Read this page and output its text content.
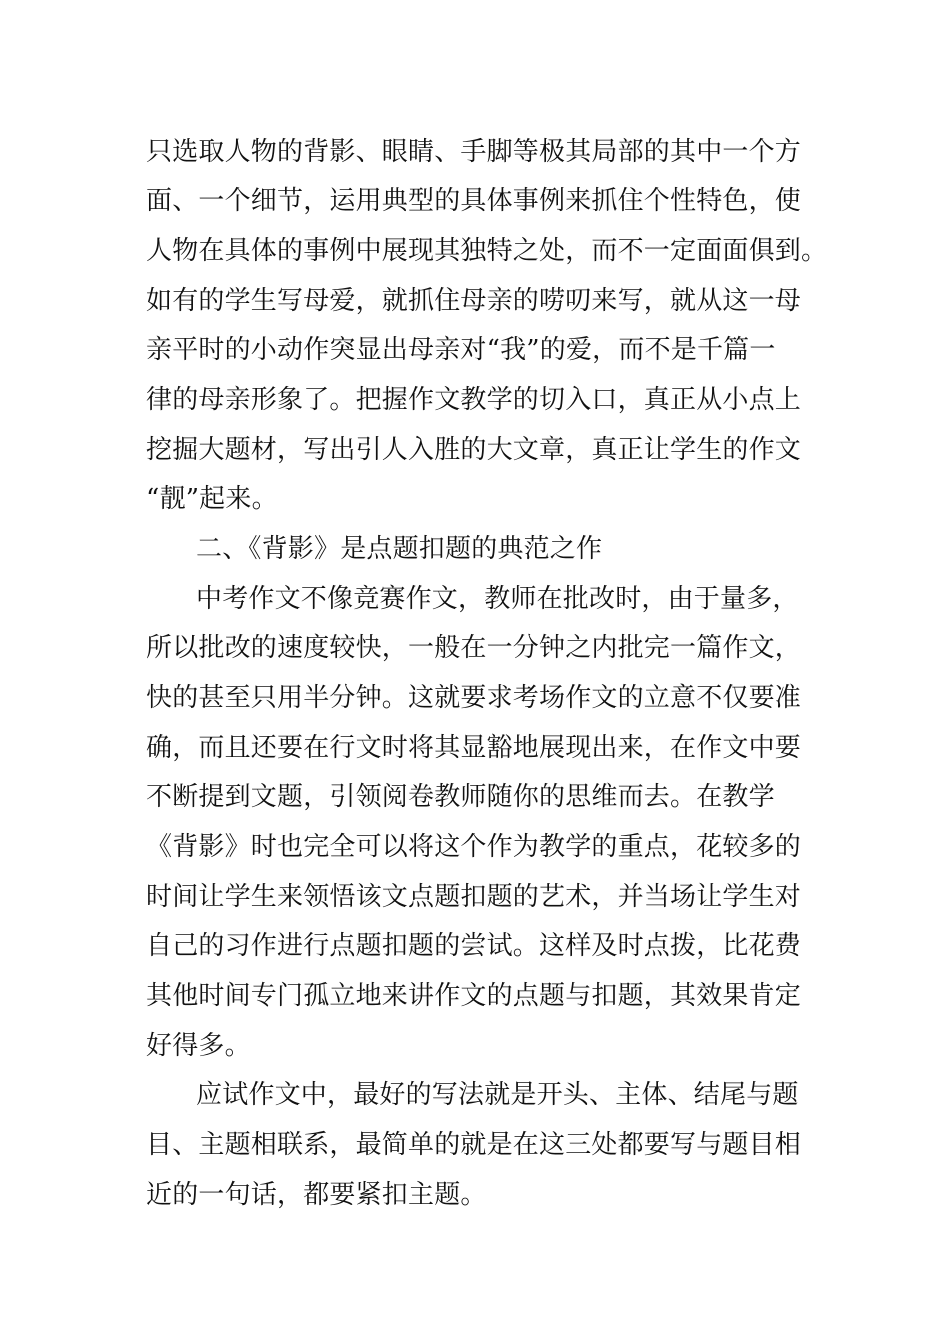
只选取人物的背影、眼睛、手脚等极其局部的其中一个方
面、一个细节，运用典型的具体事例来抓住个性特色，使
人物在具体的事例中展现其独特之处，而不一定面面俱到。
如有的学生写母爱，就抓住母亲的唠叨来写，就从这一母
亲平时的小动作突显出母亲对“我”的爱，而不是千篇一
律的母亲形象了。把握作文教学的切入口，真正从小点上
挖掘大题材，写出引人入胜的大文章，真正让学生的作文
“靓”起来。
二、《背影》是点题扣题的典范之作
中考作文不像竞赛作文，教师在批改时，由于量多，
所以批改的速度较快，一般在一分钟之内批完一篇作文，
快的甚至只用半分钟。这就要求考场作文的立意不仅要准
确，而且还要在行文时将其显豁地展现出来，在作文中要
不断提到文题，引领阅卷教师随你的思维而去。在教学
《背影》时也完全可以将这个作为教学的重点，花较多的
时间让学生来领悟该文点题扣题的艺术，并当场让学生对
自己的习作进行点题扣题的尝试。这样及时点拨，比花费
其他时间专门孤立地来讲作文的点题与扣题，其效果肯定
好得多。
应试作文中，最好的写法就是开头、主体、结尾与题
目、主题相联系，最简单的就是在这三处都要写与题目相
近的一句话，都要紧扣主题。
